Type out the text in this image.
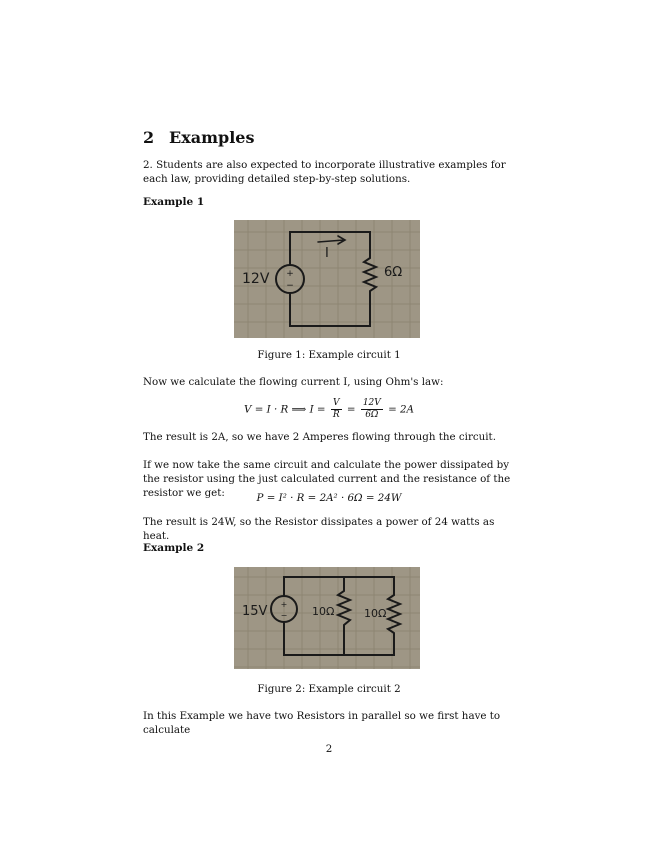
2 Examples

2. Students are also expected to incorporate illustrative examples for each law, providing detailed step-by-step solutions.

Example 1
+
−
12V
I
6Ω

Figure 1: Example circuit 1

Now we calculate the flowing current I, using Ohm's law:

V = I · R ⟹ $I = \frac{V}{R} = \frac{12V}{6\Omega} = 2A$

The result is 2A, so we have 2 Amperes flowing through the circuit.

If we now take the same circuit and calculate the power dissipated by the resistor using the just calculated current and the resistance of the resistor we get:	P = I² · R = 2A² · 6Ω = 24W

The result is 24W, so the Resistor dissipates a power of 24 watts as heat.

Example 2
+
−
15V	10Ω	10Ω

Figure 2: Example circuit 2

In this Example we have two Resistors in parallel so we first have to calculate

2
